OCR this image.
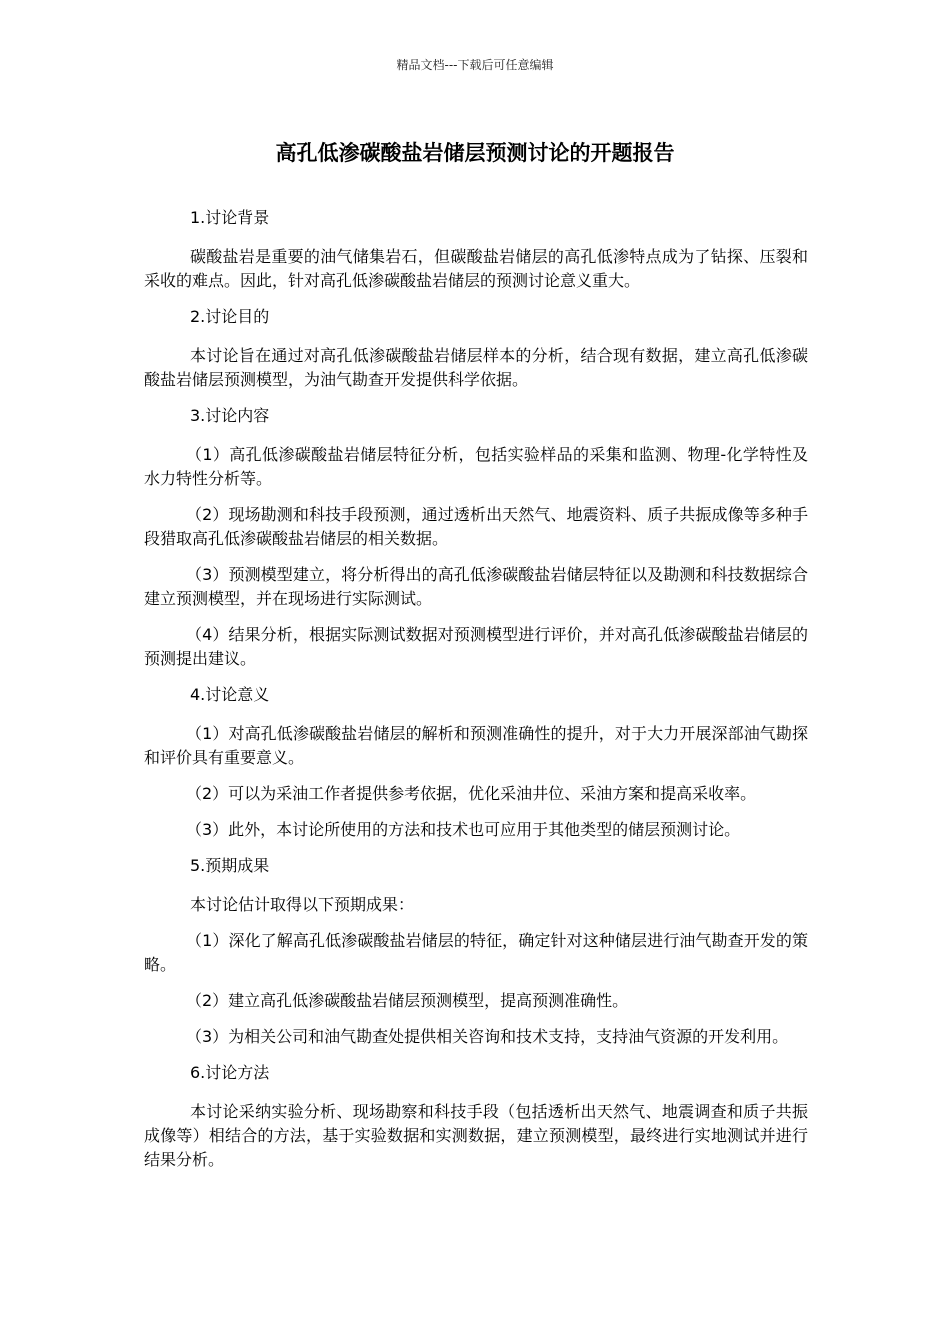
精品文档---下载后可任意编辑
高孔低渗碳酸盐岩储层预测讨论的开题报告

1.讨论背景

碳酸盐岩是重要的油气储集岩石，但碳酸盐岩储层的高孔低渗特点成为了钻探、压裂和采收的难点。因此，针对高孔低渗碳酸盐岩储层的预测讨论意义重大。

2.讨论目的

本讨论旨在通过对高孔低渗碳酸盐岩储层样本的分析，结合现有数据，建立高孔低渗碳酸盐岩储层预测模型，为油气勘查开发提供科学依据。

3.讨论内容

（1）高孔低渗碳酸盐岩储层特征分析，包括实验样品的采集和监测、物理-化学特性及水力特性分析等。

（2）现场勘测和科技手段预测，通过透析出天然气、地震资料、质子共振成像等多种手段猎取高孔低渗碳酸盐岩储层的相关数据。

（3）预测模型建立，将分析得出的高孔低渗碳酸盐岩储层特征以及勘测和科技数据综合建立预测模型，并在现场进行实际测试。

（4）结果分析，根据实际测试数据对预测模型进行评价，并对高孔低渗碳酸盐岩储层的预测提出建议。

4.讨论意义

（1）对高孔低渗碳酸盐岩储层的解析和预测准确性的提升，对于大力开展深部油气勘探和评价具有重要意义。

（2）可以为采油工作者提供参考依据，优化采油井位、采油方案和提高采收率。

（3）此外，本讨论所使用的方法和技术也可应用于其他类型的储层预测讨论。

5.预期成果

本讨论估计取得以下预期成果：

（1）深化了解高孔低渗碳酸盐岩储层的特征，确定针对这种储层进行油气勘查开发的策略。

（2）建立高孔低渗碳酸盐岩储层预测模型，提高预测准确性。

（3）为相关公司和油气勘查处提供相关咨询和技术支持，支持油气资源的开发利用。

6.讨论方法

本讨论采纳实验分析、现场勘察和科技手段（包括透析出天然气、地震调查和质子共振成像等）相结合的方法，基于实验数据和实测数据，建立预测模型，最终进行实地测试并进行结果分析。
